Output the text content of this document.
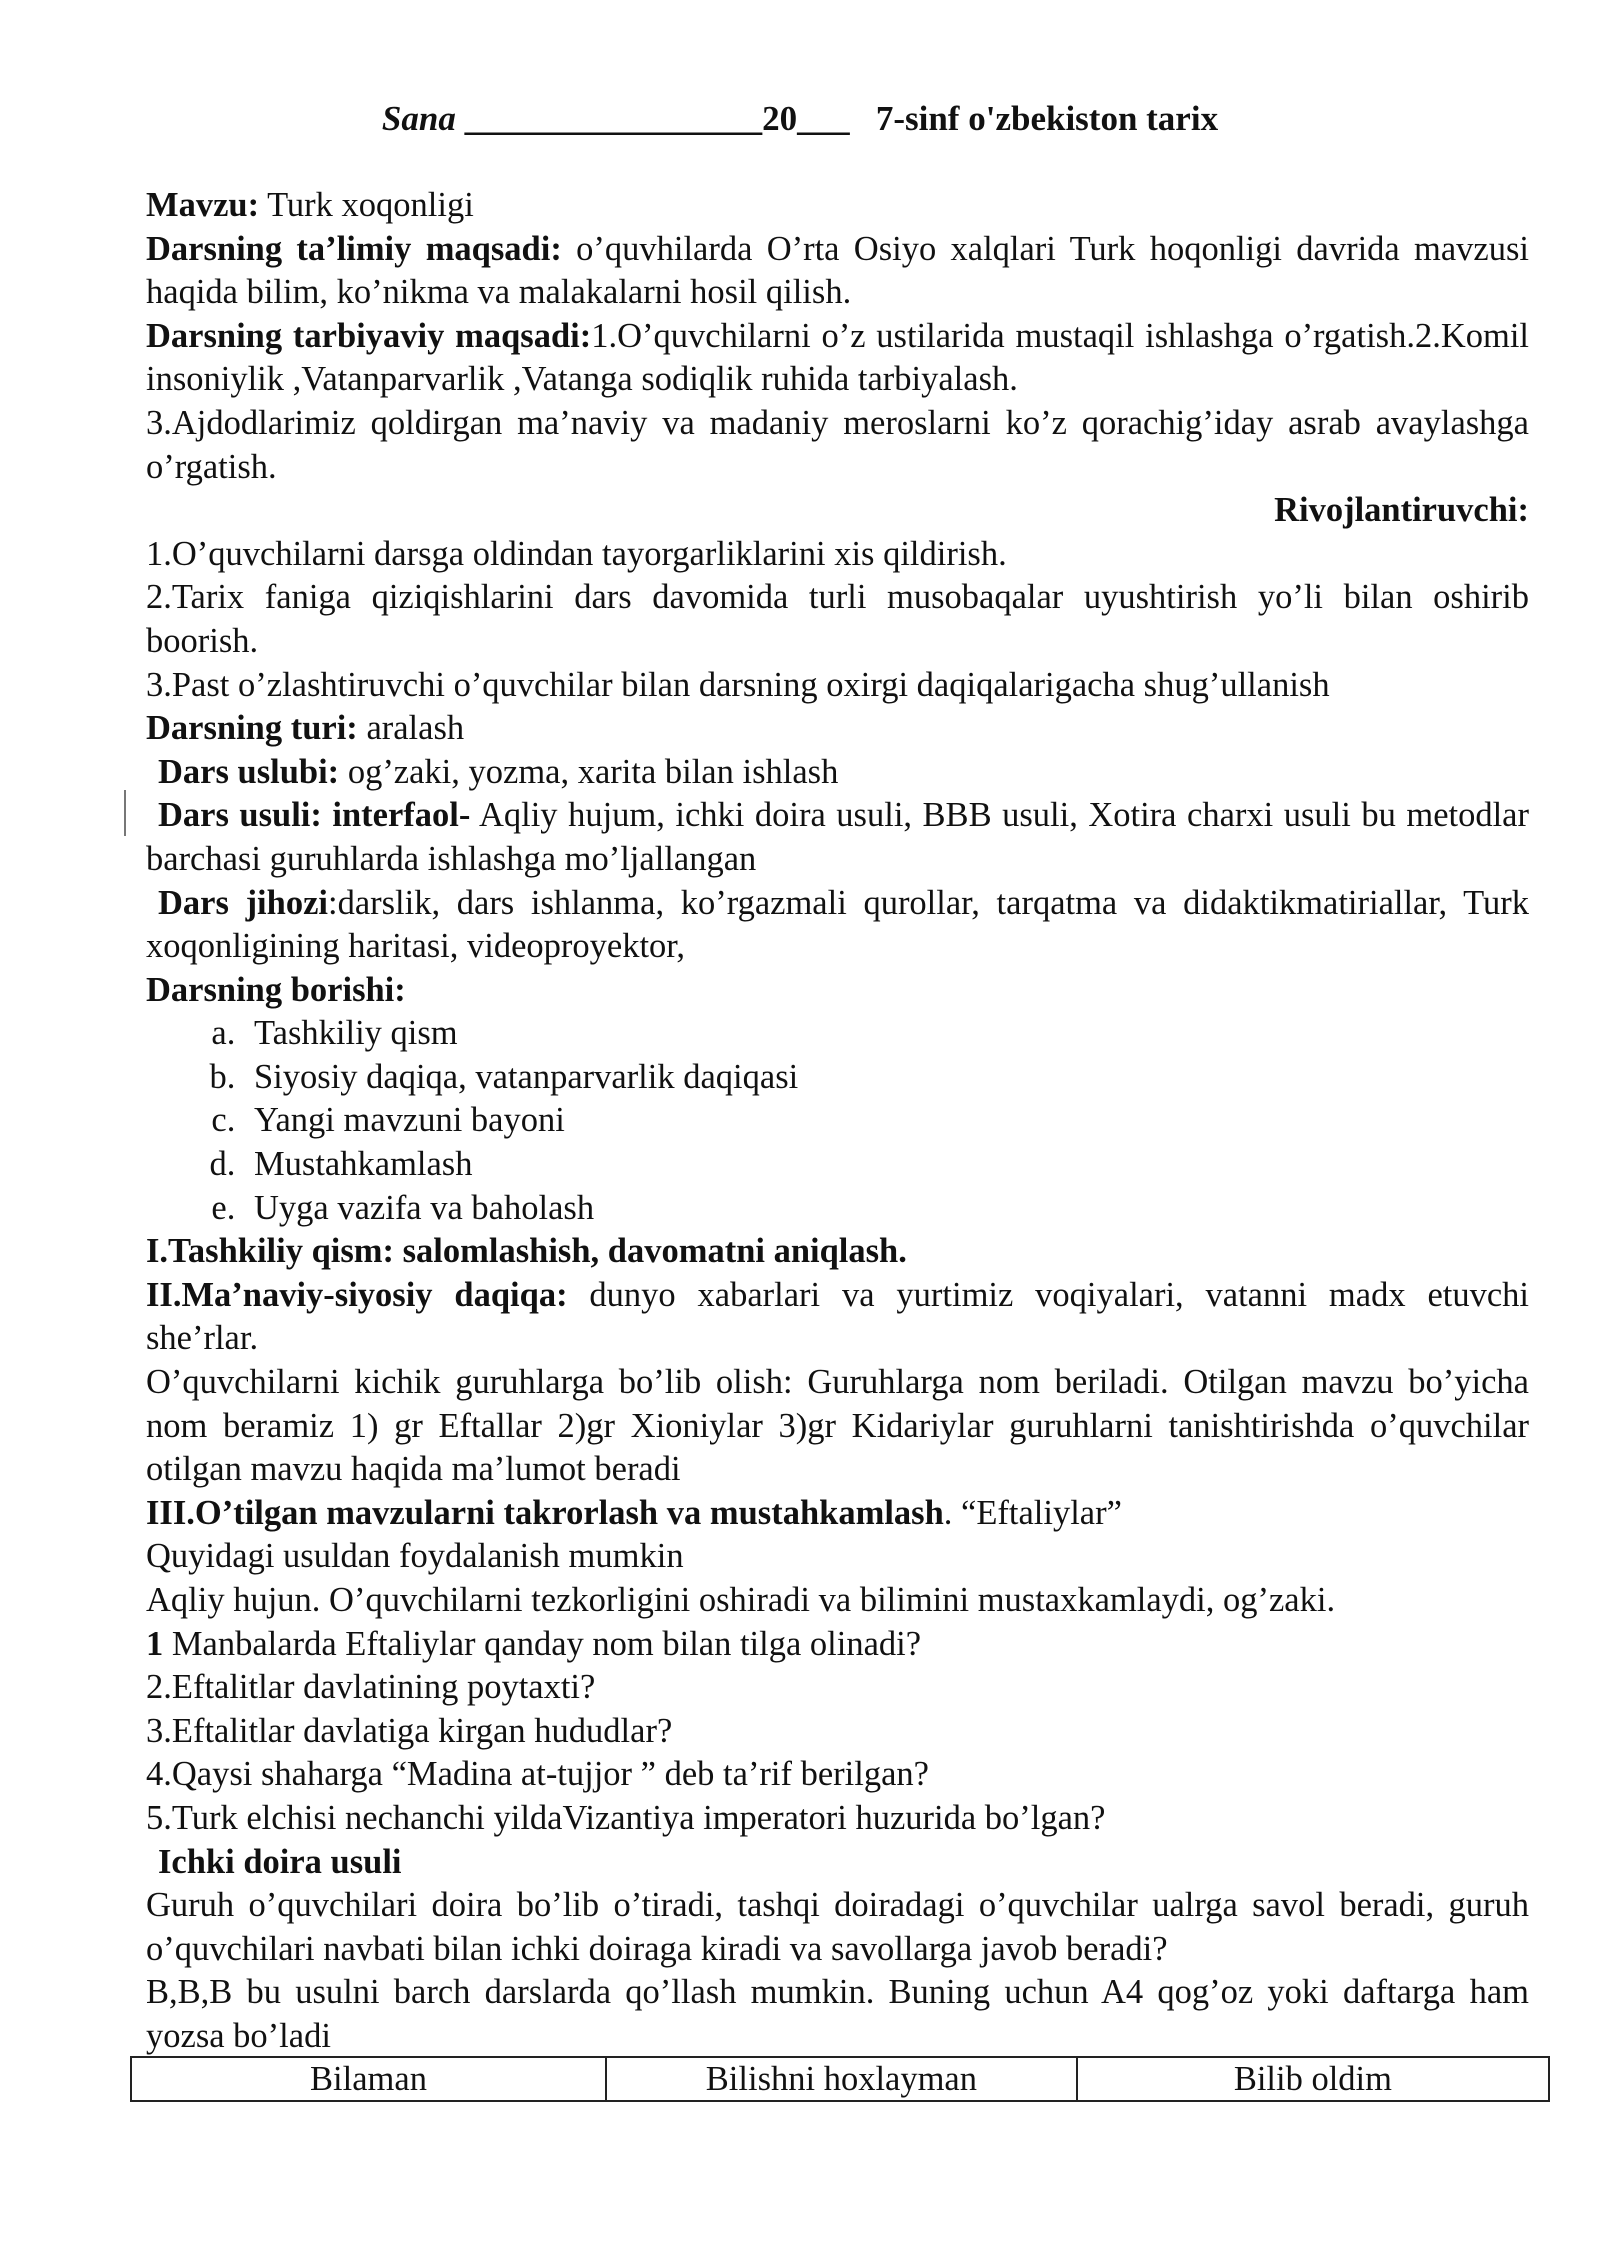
Sana _________________20___   7-sinf o'zbekiston tarix

Mavzu: Turk xoqonligi

Darsning ta’limiy maqsadi: o’quvhilarda O’rta Osiyo xalqlari Turk hoqonligi davrida mavzusi haqida bilim, ko’nikma va malakalarni hosil qilish.

Darsning tarbiyaviy maqsadi:1.O’quvchilarni o’z ustilarida mustaqil ishlashga o’rgatish.2.Komil insoniylik ,Vatanparvarlik ,Vatanga sodiqlik ruhida tarbiyalash.

3.Ajdodlarimiz qoldirgan ma’naviy va madaniy meroslarni ko’z qorachig’iday asrab avaylashga o’rgatish.

Rivojlantiruvchi:

1.O’quvchilarni darsga oldindan tayorgarliklarini xis qildirish.

2.Tarix faniga qiziqishlarini dars davomida turli musobaqalar uyushtirish yo’li bilan oshirib boorish.

3.Past o’zlashtiruvchi o’quvchilar bilan darsning oxirgi daqiqalarigacha shug’ullanish

Darsning turi: aralash

Dars uslubi: og’zaki, yozma, xarita bilan ishlash

Dars usuli: interfaol- Aqliy hujum, ichki doira usuli, BBB usuli, Xotira charxi usuli bu metodlar barchasi guruhlarda ishlashga mo’ljallangan

Dars jihozi:darslik, dars ishlanma, ko’rgazmali qurollar, tarqatma va didaktikmatiriallar, Turk xoqonligining haritasi, videoproyektor,

Darsning borishi:

a. Tashkiliy qism
b. Siyosiy daqiqa, vatanparvarlik daqiqasi
c. Yangi mavzuni bayoni
d. Mustahkamlash
e. Uyga vazifa va baholash

I.Tashkiliy qism: salomlashish, davomatni aniqlash.

II.Ma’naviy-siyosiy daqiqa: dunyo xabarlari va yurtimiz voqiyalari, vatanni madx etuvchi she’rlar.

O’quvchilarni kichik guruhlarga bo’lib olish: Guruhlarga nom beriladi. Otilgan mavzu bo’yicha nom beramiz 1) gr Eftallar 2)gr Xioniylar 3)gr Kidariylar guruhlarni tanishtirishda o’quvchilar otilgan mavzu haqida ma’lumot beradi

III.O’tilgan mavzularni takrorlash va mustahkamlash. “Eftaliylar”

Quyidagi usuldan foydalanish mumkin

Aqliy hujun. O’quvchilarni tezkorligini oshiradi va bilimini mustaxkamlaydi, og’zaki.

1 Manbalarda Eftaliylar qanday nom bilan tilga olinadi?

2.Eftalitlar davlatining poytaxti?

3.Eftalitlar davlatiga kirgan hududlar?

4.Qaysi shaharga “Madina at-tujjor ” deb ta’rif berilgan?

5.Turk elchisi nechanchi yildaVizantiya imperatori huzurida bo’lgan?

Ichki doira usuli

Guruh o’quvchilari doira bo’lib o’tiradi, tashqi doiradagi o’quvchilar ualrga savol beradi, guruh o’quvchilari navbati bilan ichki doiraga kiradi va savollarga javob beradi?

B,B,B bu usulni barch darslarda qo’llash mumkin. Buning uchun A4 qog’oz yoki daftarga ham yozsa bo’ladi

Bilaman	Bilishni hoxlayman	Bilib oldim
